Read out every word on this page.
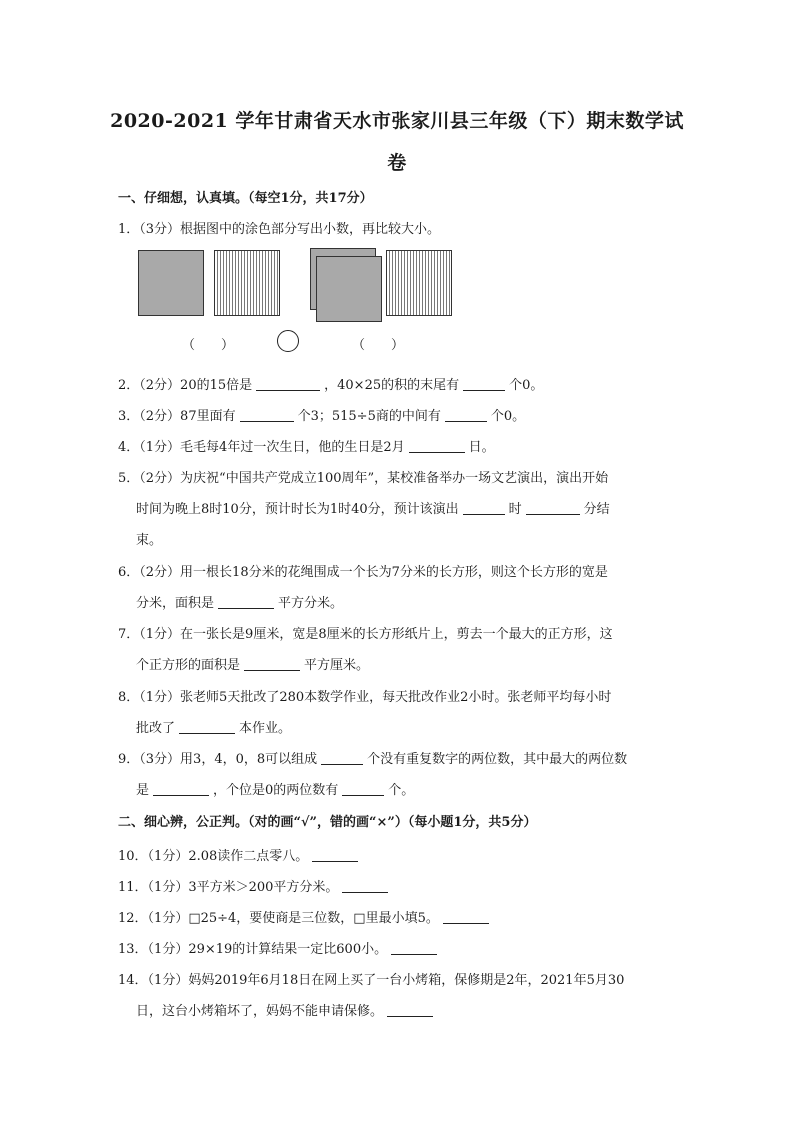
2020-2021 学年甘肃省天水市张家川县三年级（下）期末数学试
卷
一、仔细想，认真填。（每空1分，共17分）
1．（3分）根据图中的涂色部分写出小数，再比较大小。
（　　）	（　　）
2．（2分）20的15倍是	，40×25的积的末尾有	个0。
3．（2分）87里面有	个3；515÷5商的中间有	个0。
4．（1分）毛毛每4年过一次生日，他的生日是2月	日。
5．（2分）为庆祝“中国共产党成立100周年”，某校准备举办一场文艺演出，演出开始
时间为晚上8时10分，预计时长为1时40分，预计该演出	时	分结
束。
6．（2分）用一根长18分米的花绳围成一个长为7分米的长方形，则这个长方形的宽是
分米，面积是	平方分米。
7．（1分）在一张长是9厘米，宽是8厘米的长方形纸片上，剪去一个最大的正方形，这
个正方形的面积是	平方厘米。
8．（1分）张老师5天批改了280本数学作业，每天批改作业2小时。张老师平均每小时
批改了	本作业。
9．（3分）用3，4，0，8可以组成	个没有重复数字的两位数，其中最大的两位数
是	，个位是0的两位数有	个。
二、细心辨，公正判。（对的画“√”，错的画“×”）（每小题1分，共5分）
10．（1分）2.08读作二点零八。
11．（1分）3平方米＞200平方分米。
12．（1分）□25÷4，要使商是三位数，□里最小填5。
13．（1分）29×19的计算结果一定比600小。
14．（1分）妈妈2019年6月18日在网上买了一台小烤箱，保修期是2年，2021年5月30
日，这台小烤箱坏了，妈妈不能申请保修。
